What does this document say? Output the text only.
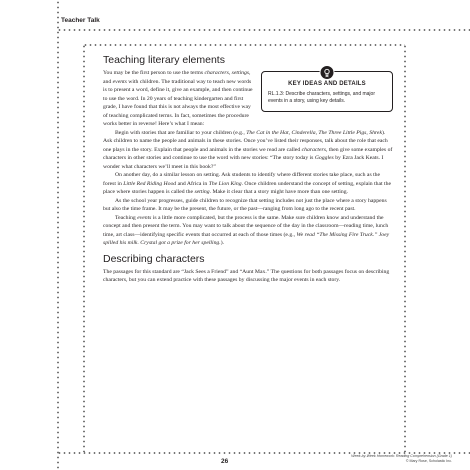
Teacher Talk
Teaching literary elements
KEY IDEAS AND DETAILS
RL.1.3: Describe characters, settings, and major events in a story, using key details.

You may be the first person to use the terms characters, settings, and events with children. The traditional way to teach new words is to present a word, define it, give an example, and then continue to use the word. In 20 years of teaching kindergarten and first grade, I have found that this is not always the most effective way of teaching complicated terms. In fact, sometimes the procedure works better in reverse! Here’s what I mean:

Begin with stories that are familiar to your children (e.g., The Cat in the Hat, Cinderella, The Three Little Pigs, Shrek). Ask children to name the people and animals in these stories. Once you’ve listed their responses, talk about the role that each one plays in the story. Explain that people and animals in the stories we read are called characters, then give some examples of characters in other stories and continue to use the word with new stories: “The story today is Goggles by Ezra Jack Keats. I wonder what characters we’ll meet in this book?”

On another day, do a similar lesson on setting. Ask students to identify where different stories take place, such as the forest in Little Red Riding Hood and Africa in The Lion King. Once children understand the concept of setting, explain that the place where stories happen is called the setting. Make it clear that a story might have more than one setting.

As the school year progresses, guide children to recognize that setting includes not just the place where a story happens but also the time frame. It may be the present, the future, or the past—ranging from long ago to the recent past.

Teaching events is a little more complicated, but the process is the same. Make sure children know and understand the concept and then present the term. You may want to talk about the sequence of the day in the classroom—reading time, lunch time, art class—identifying specific events that occurred at each of those times (e.g., We read “The Missing Fire Truck.” Joey spilled his milk. Crystal got a prize for her spelling.).

Describing characters

The passages for this standard are “Jack Sees a Friend” and “Aunt Max.” The questions for both passages focus on describing characters, but you can extend practice with these passages by discussing the major events in each story.

26
Week-by-Week Homework: Reading Comprehension (Grade 1)
© Mary Rose, Scholastic Inc.
